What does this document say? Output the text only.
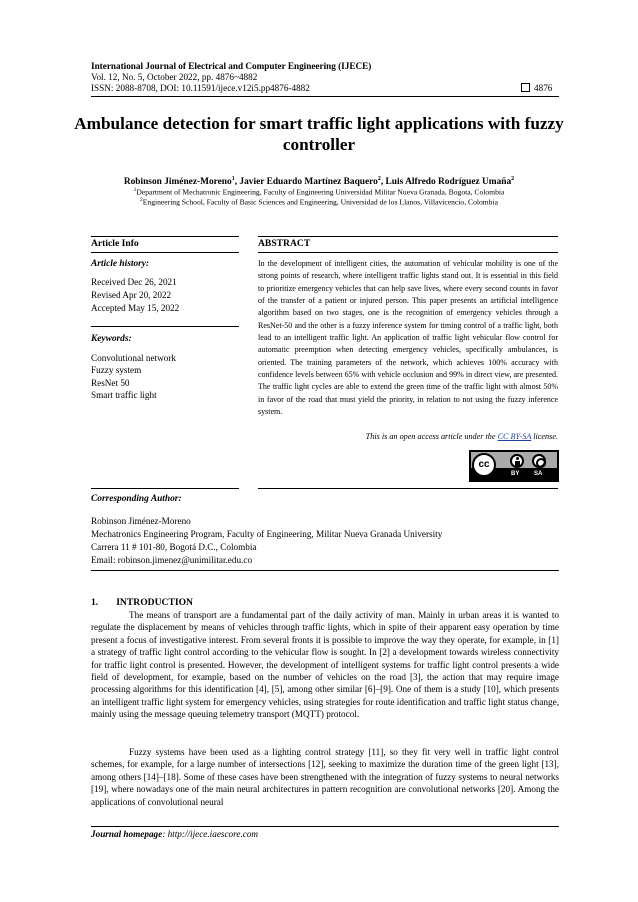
International Journal of Electrical and Computer Engineering (IJECE)
Vol. 12, No. 5, October 2022, pp. 4876~4882
ISSN: 2088-8708, DOI: 10.11591/ijece.v12i5.pp4876-4882	4876
Ambulance detection for smart traffic light applications with fuzzy controller
Robinson Jiménez-Moreno$^1$, Javier Eduardo Martínez Baquero$^2$, Luis Alfredo Rodríguez Umaña$^2$
$^1$Department of Mechatronic Engineering, Faculty of Engineering Universidad Militar Nueva Granada, Bogota, Colombia
$^2$Engineering School, Faculty of Basic Sciences and Engineering, Universidad de los Llanos, Villavicencio, Colombia
Article Info
Article history:
Received Dec 26, 2021
Revised Apr 20, 2022
Accepted May 15, 2022
Keywords:
Convolutional network
Fuzzy system
ResNet 50
Smart traffic light
ABSTRACT
In the development of intelligent cities, the automation of vehicular mobility is one of the strong points of research, where intelligent traffic lights stand out. It is essential in this field to prioritize emergency vehicles that can help save lives, where every second counts in favor of the transfer of a patient or injured person. This paper presents an artificial intelligence algorithm based on two stages, one is the recognition of emergency vehicles through a ResNet-50 and the other is a fuzzy inference system for timing control of a traffic light, both lead to an intelligent traffic light. An application of traffic light vehicular flow control for automatic preemption when detecting emergency vehicles, specifically ambulances, is oriented. The training parameters of the network, which achieves 100% accuracy with confidence levels between 65% with vehicle occlusion and 99% in direct view, are presented. The traffic light cycles are able to extend the green time of the traffic light with almost 50% in favor of the road that must yield the priority, in relation to not using the fuzzy inference system.
This is an open access article under the CC BY-SA license.
cc
BY SA
Corresponding Author:
Robinson Jiménez-Moreno
Mechatronics Engineering Program, Faculty of Engineering, Militar Nueva Granada University
Carrera 11 # 101-80, Bogotá D.C., Colombia
Email: robinson.jimenez@unimilitar.edu.co
1. INTRODUCTION
The means of transport are a fundamental part of the daily activity of man. Mainly in urban areas it is wanted to regulate the displacement by means of vehicles through traffic lights, which in spite of their apparent easy operation by time present a focus of investigative interest. From several fronts it is possible to improve the way they operate, for example, in [1] a strategy of traffic light control according to the vehicular flow is sought. In [2] a development towards wireless connectivity for traffic light control is presented. However, the development of intelligent systems for traffic light control presents a wide field of development, for example, based on the number of vehicles on the road [3], the action that may require image processing algorithms for this identification [4], [5], among other similar [6]–[9]. One of them is a study [10], which presents an intelligent traffic light system for emergency vehicles, using strategies for route identification and traffic light status change, mainly using the message queuing telemetry transport (MQTT) protocol.
Fuzzy systems have been used as a lighting control strategy [11], so they fit very well in traffic light control schemes, for example, for a large number of intersections [12], seeking to maximize the duration time of the green light [13], among others [14]–[18]. Some of these cases have been strengthened with the integration of fuzzy systems to neural networks [19], where nowadays one of the main neural architectures in pattern recognition are convolutional networks [20]. Among the applications of convolutional neural
Journal homepage: http://ijece.iaescore.com
